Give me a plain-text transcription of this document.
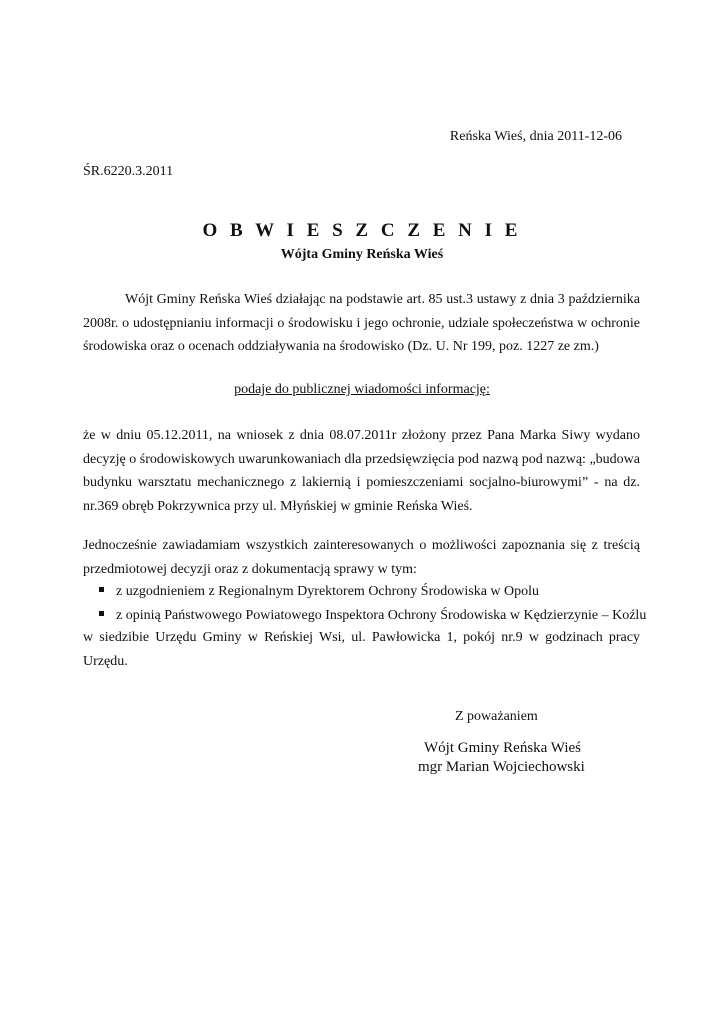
Reńska Wieś, dnia 2011-12-06
ŚR.6220.3.2011
O B W I E S Z C Z E N I E
Wójta Gminy Reńska Wieś
Wójt Gminy Reńska Wieś działając na podstawie art. 85 ust.3 ustawy z dnia 3 października 2008r. o udostępnianiu informacji o środowisku i jego ochronie, udziale społeczeństwa w ochronie środowiska oraz o ocenach oddziaływania na środowisko (Dz. U. Nr 199, poz. 1227 ze zm.)
podaje do publicznej wiadomości informację:
że w dniu 05.12.2011, na wniosek z dnia 08.07.2011r złożony przez Pana Marka Siwy wydano decyzję o środowiskowych uwarunkowaniach dla przedsięwzięcia pod nazwą pod nazwą: „budowa budynku warsztatu mechanicznego z lakiernią i pomieszczeniami socjalno-biurowymi” - na dz. nr.369 obręb Pokrzywnica przy ul. Młyńskiej w gminie Reńska Wieś.
Jednocześnie zawiadamiam wszystkich zainteresowanych o możliwości zapoznania się z treścią przedmiotowej decyzji oraz z dokumentacją sprawy w tym:
z uzgodnieniem z Regionalnym Dyrektorem Ochrony Środowiska w Opolu
z opinią Państwowego Powiatowego Inspektora Ochrony Środowiska w Kędzierzynie – Koźlu
w siedzibie Urzędu Gminy w Reńskiej Wsi, ul. Pawłowicka 1, pokój nr.9 w godzinach pracy Urzędu.
Z poważaniem
Wójt Gminy Reńska Wieś
mgr Marian Wojciechowski
